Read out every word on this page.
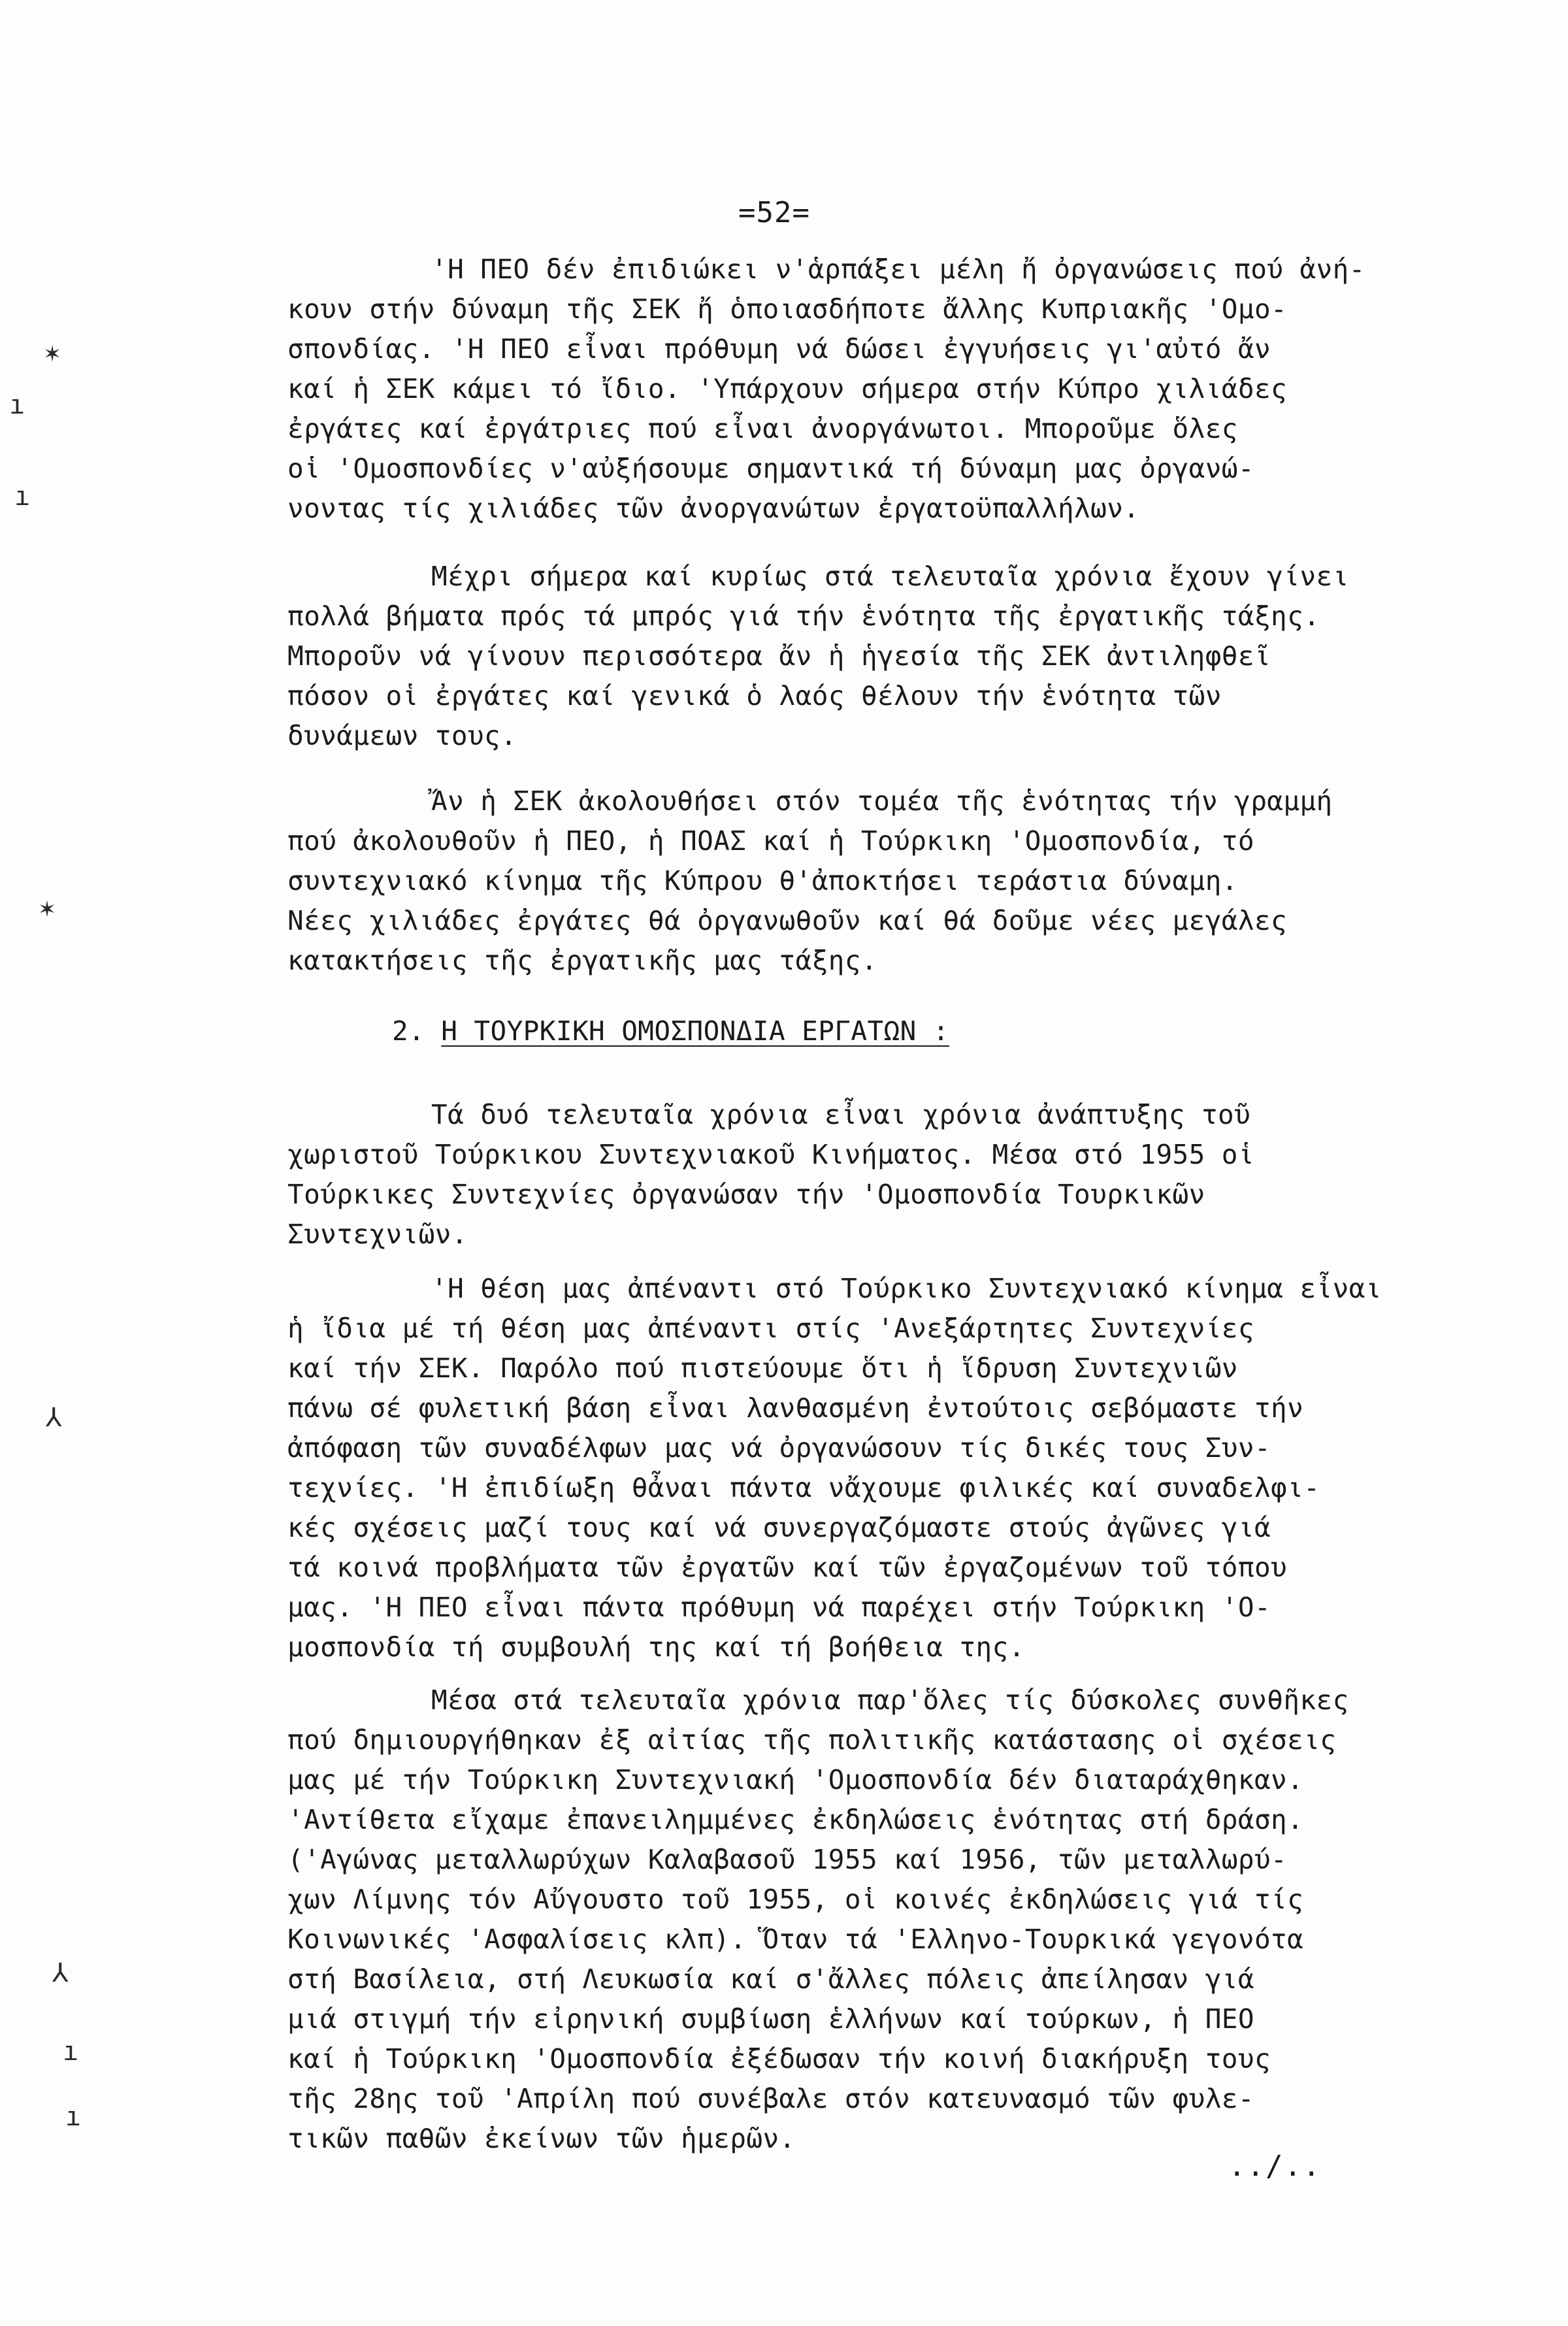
=52=
'Η ΠΕΟ δέν ἐπιδιώκει ν'ἁρπάξει μέλη ἤ ὀργανώσεις πού ἀνή-
κουν στήν δύναμη τῆς ΣΕΚ ἤ ὁποιασδήποτε ἄλλης Κυπριακῆς 'Ομο-
σπονδίας. 'Η ΠΕΟ εἶναι πρόθυμη νά δώσει ἐγγυήσεις γι'αὐτό ἄν
καί ἡ ΣΕΚ κάμει τό ἴδιο. 'Υπάρχουν σήμερα στήν Κύπρο χιλιάδες
ἐργάτες καί ἐργάτριες πού εἶναι ἀνοργάνωτοι. Μποροῦμε ὅλες
οἱ 'Ομοσπονδίες ν'αὐξήσουμε σημαντικά τή δύναμη μας ὀργανώ-
νοντας τίς χιλιάδες τῶν ἀνοργανώτων ἐργατοϋπαλλήλων.
Μέχρι σήμερα καί κυρίως στά τελευταῖα χρόνια ἔχουν γίνει
πολλά βήματα πρός τά μπρός γιά τήν ἑνότητα τῆς ἐργατικῆς τάξης.
Μποροῦν νά γίνουν περισσότερα ἄν ἡ ἡγεσία τῆς ΣΕΚ ἀντιληφθεῖ
πόσον οἱ ἐργάτες καί γενικά ὁ λαός θέλουν τήν ἑνότητα τῶν
δυνάμεων τους.
Ἄν ἡ ΣΕΚ ἀκολουθήσει στόν τομέα τῆς ἑνότητας τήν γραμμή
πού ἀκολουθοῦν ἡ ΠΕΟ, ἡ ΠΟΑΣ καί ἡ Τούρκικη 'Ομοσπονδία, τό
συντεχνιακό κίνημα τῆς Κύπρου θ'ἀποκτήσει τεράστια δύναμη.
Νέες χιλιάδες ἐργάτες θά ὀργανωθοῦν καί θά δοῦμε νέες μεγάλες
κατακτήσεις τῆς ἐργατικῆς μας τάξης.
2. Η ΤΟΥΡΚΙΚΗ ΟΜΟΣΠΟΝΔΙΑ ΕΡΓΑΤΩΝ :
Τά δυό τελευταῖα χρόνια εἶναι χρόνια ἀνάπτυξης τοῦ
χωριστοῦ Τούρκικου Συντεχνιακοῦ Κινήματος. Μέσα στό 1955 οἱ
Τούρκικες Συντεχνίες ὀργανώσαν τήν 'Ομοσπονδία Τουρκικῶν
Συντεχνιῶν.
'Η θέση μας ἀπέναντι στό Τούρκικο Συντεχνιακό κίνημα εἶναι
ἡ ἴδια μέ τή θέση μας ἀπέναντι στίς 'Ανεξάρτητες Συντεχνίες
καί τήν ΣΕΚ. Παρόλο πού πιστεύουμε ὅτι ἡ ἵδρυση Συντεχνιῶν
πάνω σέ φυλετική βάση εἶναι λανθασμένη ἐντούτοις σεβόμαστε τήν
ἀπόφαση τῶν συναδέλφων μας νά ὀργανώσουν τίς δικές τους Συν-
τεχνίες. 'Η ἐπιδίωξη θἆναι πάντα νἄχουμε φιλικές καί συναδελφι-
κές σχέσεις μαζί τους καί νά συνεργαζόμαστε στούς ἀγῶνες γιά
τά κοινά προβλήματα τῶν ἐργατῶν καί τῶν ἐργαζομένων τοῦ τόπου
μας. 'Η ΠΕΟ εἶναι πάντα πρόθυμη νά παρέχει στήν Τούρκικη 'Ο-
μοσπονδία τή συμβουλή της καί τή βοήθεια της.
Μέσα στά τελευταῖα χρόνια παρ'ὅλες τίς δύσκολες συνθῆκες
πού δημιουργήθηκαν ἐξ αἰτίας τῆς πολιτικῆς κατάστασης οἱ σχέσεις
μας μέ τήν Τούρκικη Συντεχνιακή 'Ομοσπονδία δέν διαταράχθηκαν.
'Αντίθετα εἴχαμε ἐπανειλημμένες ἐκδηλώσεις ἑνότητας στή δράση.
('Αγώνας μεταλλωρύχων Καλαβασοῦ 1955 καί 1956, τῶν μεταλλωρύ-
χων Λίμνης τόν Αὔγουστο τοῦ 1955, οἱ κοινές ἐκδηλώσεις γιά τίς
Κοινωνικές 'Ασφαλίσεις κλπ). Ὅταν τά 'Ελληνο-Τουρκικά γεγονότα
στή Βασίλεια, στή Λευκωσία καί σ'ἄλλες πόλεις ἀπείλησαν γιά
μιά στιγμή τήν εἰρηνική συμβίωση ἑλλήνων καί τούρκων, ἡ ΠΕΟ
καί ἡ Τούρκικη 'Ομοσπονδία ἐξέδωσαν τήν κοινή διακήρυξη τους
τῆς 28ης τοῦ 'Απρίλη πού συνέβαλε στόν κατευνασμό τῶν φυλε-
τικῶν παθῶν ἐκείνων τῶν ἡμερῶν.
../..
✶
ı
ı
✶
⅄
⅄
ı
ı
